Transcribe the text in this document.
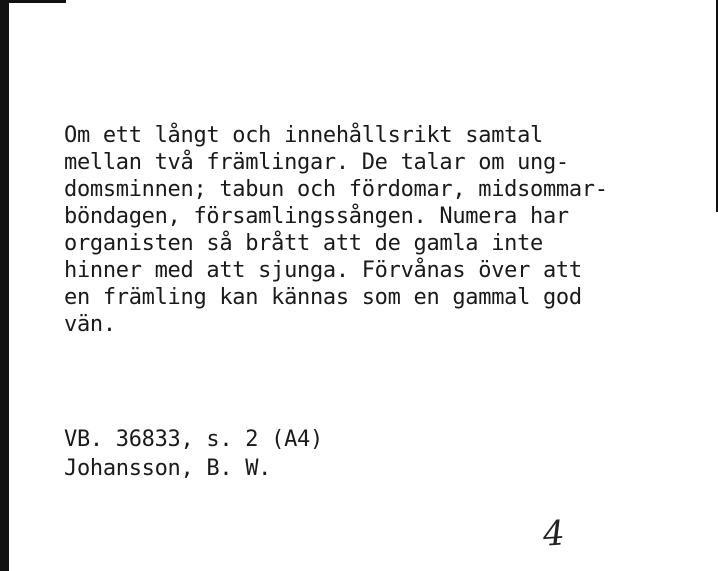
Om ett långt och innehållsrikt samtal
mellan två främlingar. De talar om ung-
domsminnen; tabun och fördomar, midsommar-
böndagen, församlingssången. Numera har
organisten så brått att de gamla inte
hinner med att sjunga. Förvånas över att
en främling kan kännas som en gammal god
vän.
VB. 36833, s. 2 (A4)
Johansson, B. W.
4
